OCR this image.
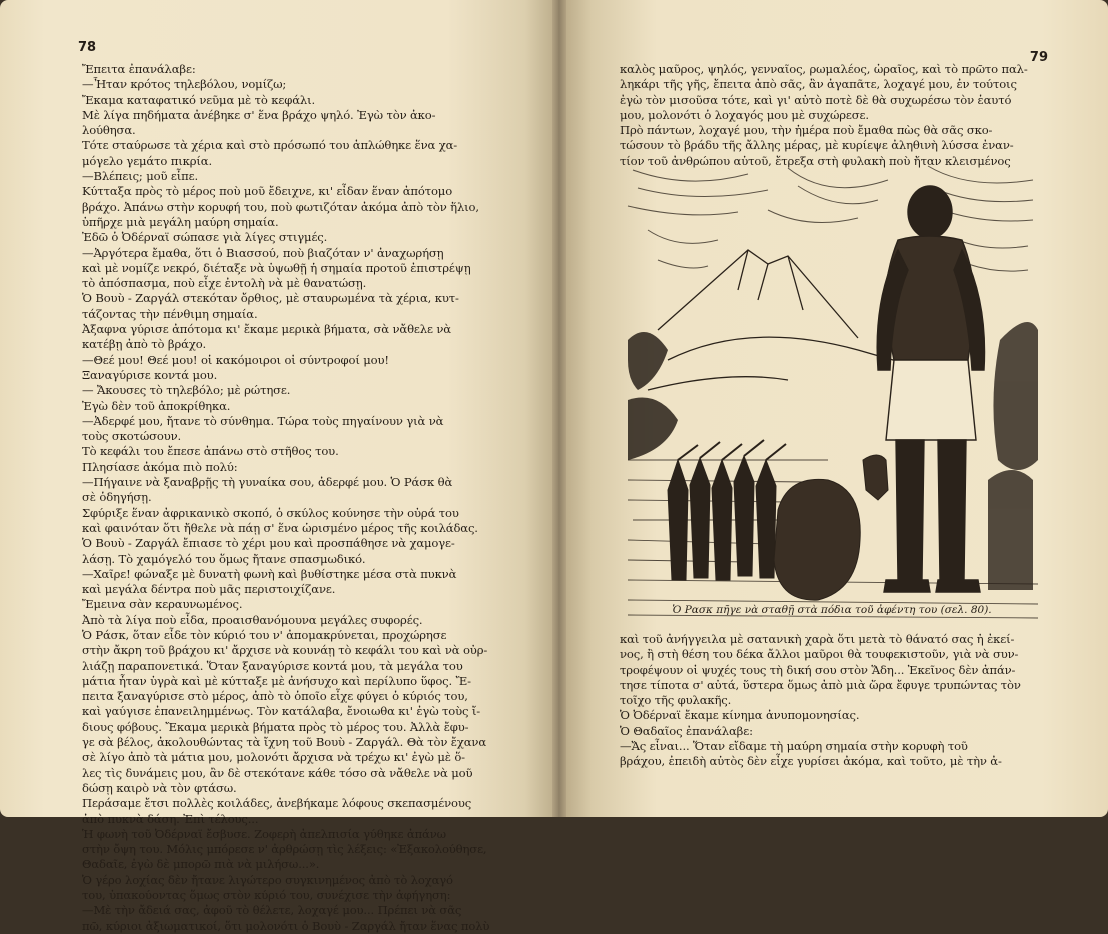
78
Ἔπειτα ἐπανάλαβε:
—Ἦταν κρότος τηλεβόλου, νομίζω;
Ἔκαμα καταφατικό νεῦμα μὲ τὸ κεφάλι.
Μὲ λίγα πηδήματα ἀνέβηκε σ' ἕνα βράχο ψηλό. Ἐγὼ τὸν ἀκο-
λούθησα.
Τότε σταύρωσε τὰ χέρια καὶ στὸ πρόσωπό του ἁπλώθηκε ἕνα χα-
μόγελο γεμάτο πικρία.
—Βλέπεις; μοῦ εἶπε.
Κύτταξα πρὸς τὸ μέρος ποὺ μοῦ ἔδειχνε, κι' εἶδαν ἕναν ἀπότομο
βράχο. Ἀπάνω στὴν κορυφή του, ποὺ φωτιζόταν ἀκόμα ἀπὸ τὸν ἥλιο,
ὑπῆρχε μιὰ μεγάλη μαύρη σημαία.
Ἐδῶ ὁ Ὀδέρναϊ σώπασε γιὰ λίγες στιγμές.
—Ἀργότερα ἔμαθα, ὅτι ὁ Βιασσού, ποὺ βιαζόταν ν' ἀναχωρήσῃ
καὶ μὲ νομίζε νεκρό, διέταξε νὰ ὑψωθῇ ἡ σημαία προτοῦ ἐπιστρέψῃ
τὸ ἀπόσπασμα, ποὺ εἶχε ἐντολὴ νὰ μὲ θανατώσῃ.
Ὁ Βουὺ - Ζαργάλ στεκόταν ὄρθιος, μὲ σταυρωμένα τὰ χέρια, κυτ-
τάζοντας τὴν πένθιμη σημαία.
Ἀξαφνα γύρισε ἀπότομα κι' ἔκαμε μερικὰ βήματα, σὰ νἄθελε νὰ
κατέβῃ ἀπὸ τὸ βράχο.
—Θεέ μου! Θεέ μου! οἱ κακόμοιροι οἱ σύντροφοί μου!
Ξαναγύρισε κοντά μου.
— Ἄκουσες τὸ τηλεβόλο; μὲ ρώτησε.
Ἐγὼ δὲν τοῦ ἀποκρίθηκα.
—Ἀδερφέ μου, ἤτανε τὸ σύνθημα. Τώρα τοὺς πηγαίνουν γιὰ νὰ
τοὺς σκοτώσουν.
Τὸ κεφάλι του ἔπεσε ἀπάνω στὸ στῆθος του.
Πλησίασε ἀκόμα πιὸ πολύ:
—Πήγαινε νὰ ξαναβρῇς τὴ γυναίκα σου, ἀδερφέ μου. Ὁ Ράσκ θὰ
σὲ ὁδηγήσῃ.
Σφύριξε ἕναν ἀφρικανικὸ σκοπό, ὁ σκύλος κούνησε τὴν οὐρά του
καὶ φαινόταν ὅτι ἤθελε νὰ πάῃ σ' ἕνα ὡρισμένο μέρος τῆς κοιλάδας.
Ὁ Βουὺ - Ζαργάλ ἔπιασε τὸ χέρι μου καὶ προσπάθησε νὰ χαμογε-
λάσῃ. Τὸ χαμόγελό του ὅμως ἤτανε σπασμωδικό.
—Χαῖρε! φώναξε μὲ δυνατὴ φωνὴ καὶ βυθίστηκε μέσα στὰ πυκνὰ
καὶ μεγάλα δέντρα ποὺ μᾶς περιστοιχίζανε.
Ἔμεινα σὰν κεραυνωμένος.
Ἀπὸ τὰ λίγα ποὺ εἶδα, προαισθανόμουνα μεγάλες συφορές.
Ὁ Ράσκ, ὅταν εἶδε τὸν κύριό του ν' ἀπομακρύνεται, προχώρησε
στὴν ἄκρη τοῦ βράχου κι' ἄρχισε νὰ κουνάῃ τὸ κεφάλι του καὶ νὰ οὐρ-
λιάζῃ παραπονετικά. Ὅταν ξαναγύρισε κοντά μου, τὰ μεγάλα του
μάτια ἦταν ὑγρὰ καὶ μὲ κύτταξε μὲ ἀνήσυχο καὶ περίλυπο ὕφος. Ἔ-
πειτα ξαναγύρισε στὸ μέρος, ἀπὸ τὸ ὁποῖο εἶχε φύγει ὁ κύριός του,
καὶ γαύγισε ἐπανειλημμένως. Τὸν κατάλαβα, ἔνοιωθα κι' ἐγὼ τοὺς ἴ-
διους φόβους. Ἔκαμα μερικὰ βήματα πρὸς τὸ μέρος του. Ἀλλὰ ἔφυ-
γε σὰ βέλος, ἀκολουθώντας τὰ ἴχνη τοῦ Βουὺ - Ζαργάλ. Θὰ τὸν ἔχανα
σὲ λίγο ἀπὸ τὰ μάτια μου, μολονότι ἄρχισα νὰ τρέχω κι' ἐγὼ μὲ ὅ-
λες τὶς δυνάμεις μου, ἂν δὲ στεκότανε κάθε τόσο σὰ νἄθελε νὰ μοῦ
δώσῃ καιρὸ νὰ τὸν φτάσω.
Περάσαμε ἔτσι πολλὲς κοιλάδες, ἀνεβήκαμε λόφους σκεπασμένους
ἀπὸ πυκνὰ δάση. Ἐπὶ τέλους...
Ἡ φωνὴ τοῦ Ὀδέρναϊ ἔσβυσε. Ζοφερὴ ἀπελπισία γύθηκε ἀπάνω
στὴν ὄψη του. Μόλις μπόρεσε ν' ἀρθρώσῃ τὶς λέξεις: «Ἐξακολούθησε,
Θαδαῖε, ἐγὼ δὲ μπορῶ πιὰ νὰ μιλήσω...».
Ὁ γέρο λοχίας δὲν ἤτανε λιγώτερο συγκινημένος ἀπὸ τὸ λοχαγό
του, ὑπακούοντας ὅμως στὸν κύριό του, συνέχισε τὴν ἀφήγηση:
—Μὲ τὴν ἄδειά σας, ἀφοῦ τὸ θέλετε, λοχαγέ μου... Πρέπει νὰ σᾶς
πῶ, κύριοι ἀξιωματικοί, ὅτι μολονότι ὁ Βουὺ - Ζαργάλ ἤταν ἕνας πολὺ
79
καλὸς μαῦρος, ψηλός, γενναῖος, ρωμαλέος, ὡραῖος, καὶ τὸ πρῶτο παλ-
ληκάρι τῆς γῆς, ἔπειτα ἀπὸ σᾶς, ἂν ἀγαπᾶτε, λοχαγέ μου, ἐν τούτοις
ἐγὼ τὸν μισοῦσα τότε, καὶ γι' αὐτὸ ποτὲ δὲ θὰ συχωρέσω τὸν ἑαυτό
μου, μολονότι ὁ λοχαγός μου μὲ συχώρεσε.
Πρὸ πάντων, λοχαγέ μου, τὴν ἡμέρα ποὺ ἔμαθα πὼς θὰ σᾶς σκο-
τώσουν τὸ βράδυ τῆς ἄλλης μέρας, μὲ κυρίεψε ἀληθινὴ λύσσα ἐναν-
τίον τοῦ ἀνθρώπου αὐτοῦ, ἔτρεξα στὴ φυλακὴ ποὺ ἤταν κλεισμένος
καὶ τοῦ ἀνήγγειλα μὲ σατανικὴ χαρὰ ὅτι μετὰ τὸ θάνατό σας ἡ ἐκεί-
νος, ἢ στὴ θέση του δέκα ἄλλοι μαῦροι θὰ τουφεκιστοῦν, γιὰ νὰ συν-
τροφέψουν οἱ ψυχές τους τὴ δική σου στὸν Ἅδη... Ἐκεῖνος δὲν ἀπάν-
τησε τίποτα σ' αὐτά, ὕστερα ὅμως ἀπὸ μιὰ ὥρα ἔφυγε τρυπώντας τὸν
τοῖχο τῆς φυλακῆς.
Ὁ Ὀδέρναϊ ἔκαμε κίνημα ἀνυπομονησίας.
Ὁ Θαδαῖος ἐπανάλαβε:
—Ἄς εἶναι... Ὅταν εἴδαμε τὴ μαύρη σημαία στὴν κορυφὴ τοῦ
βράχου, ἐπειδὴ αὐτὸς δὲν εἶχε γυρίσει ἀκόμα, καὶ τοῦτο, μὲ τὴν ἀ-
Ὁ Ρασκ πῆγε νὰ σταθῇ στὰ πόδια τοῦ ἀφέντη του (σελ. 80).
